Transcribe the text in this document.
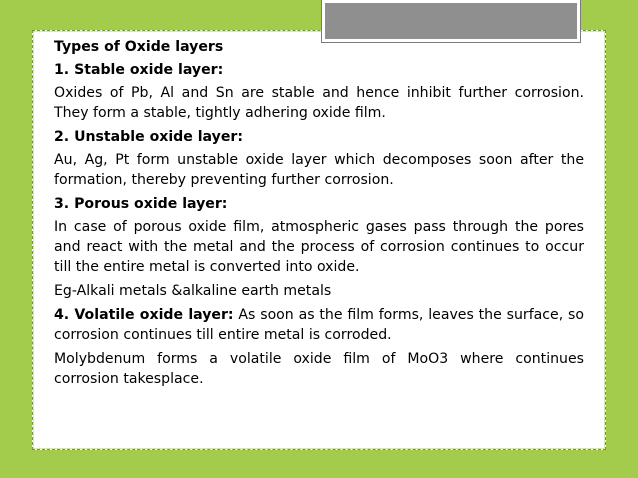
Types of Oxide layers

1. Stable oxide layer:

Oxides of Pb, Al and Sn are stable and hence inhibit further corrosion. They form a stable, tightly adhering oxide film.

2. Unstable oxide layer:

Au, Ag, Pt form unstable oxide layer which decomposes soon after the formation, thereby preventing further corrosion.

3. Porous oxide layer:

In case of porous oxide film, atmospheric gases pass through the pores and react with the metal and the process of corrosion continues to occur till the entire metal is converted into oxide.

Eg-Alkali metals &alkaline earth metals

4. Volatile oxide layer: As soon as the film forms, leaves the surface, so corrosion continues till entire metal is corroded.

Molybdenum forms a volatile oxide film of MoO3 where continues corrosion takesplace.
